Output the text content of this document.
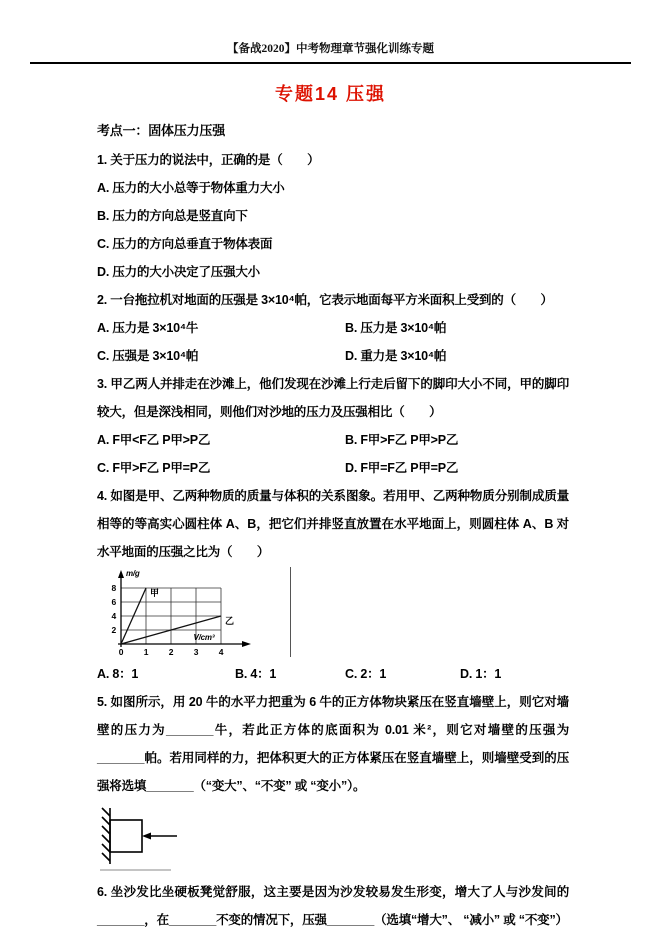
【备战2020】中考物理章节强化训练专题
专题14 压强
考点一：固体压力压强
1. 关于压力的说法中，正确的是（　　）
A. 压力的大小总等于物体重力大小
B. 压力的方向总是竖直向下
C. 压力的方向总垂直于物体表面
D. 压力的大小决定了压强大小
2. 一台拖拉机对地面的压强是 3×10⁴帕，它表示地面每平方米面积上受到的（　　）
A. 压力是 3×10⁴牛	B. 压力是 3×10⁴帕
C. 压强是 3×10⁴帕	D. 重力是 3×10⁴帕
3. 甲乙两人并排走在沙滩上，他们发现在沙滩上行走后留下的脚印大小不同，甲的脚印较大，但是深浅相同，则他们对沙地的压力及压强相比（　　）
A. F甲<F乙 P甲>P乙	B. F甲>F乙 P甲>P乙
C. F甲>F乙 P甲=P乙	D. F甲=F乙 P甲=P乙
4. 如图是甲、乙两种物质的质量与体积的关系图象。若用甲、乙两种物质分别制成质量相等的等高实心圆柱体 A、B，把它们并排竖直放置在水平地面上，则圆柱体 A、B 对水平地面的压强之比为（　　）
0 1 2 3 4
2
4
6
8
m/g
V/cm³
甲
乙
A. 8：1	B. 4：1	C. 2：1	D. 1：1
5. 如图所示，用 20 牛的水平力把重为 6 牛的正方体物块紧压在竖直墙壁上，则它对墙壁的压力为_______牛，若此正方体的底面积为 0.01 米²，则它对墙壁的压强为_______帕。若用同样的力，把体积更大的正方体紧压在竖直墙壁上，则墙壁受到的压强将选填_______（“变大”、“不变” 或 “变小”）。
6. 坐沙发比坐硬板凳觉舒服，这主要是因为沙发较易发生形变，增大了人与沙发间的_______，在_______不变的情况下，压强_______（选填“增大”、 “减小” 或 “不变”）
